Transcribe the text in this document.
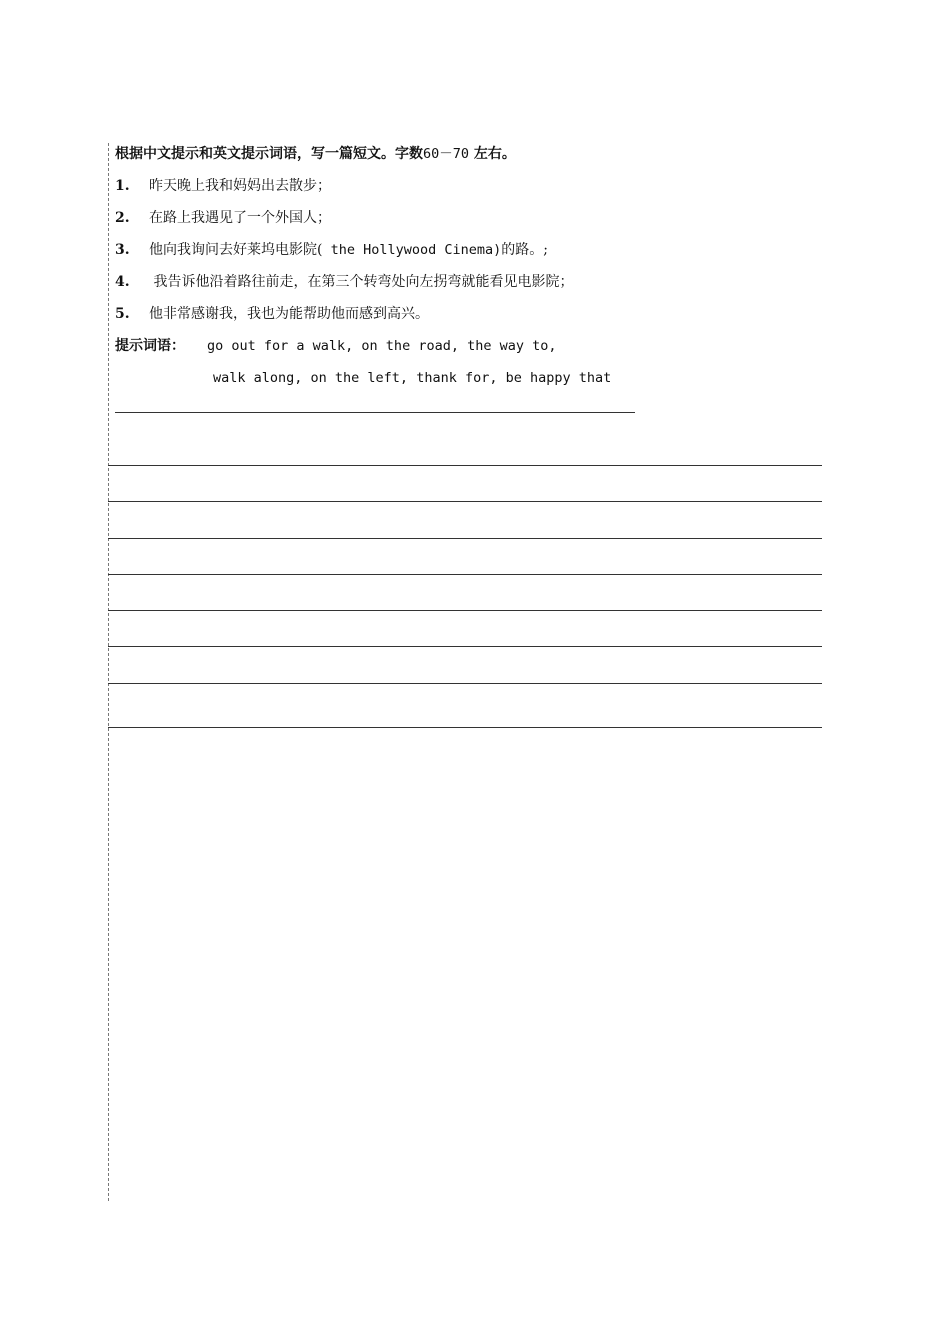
根据中文提示和英文提示词语，写一篇短文。字数60－70 左右。
1. 昨天晚上我和妈妈出去散步；
2. 在路上我遇见了一个外国人；
3. 他向我询问去好莱坞电影院( the Hollywood Cinema)的路。;
4. 我告诉他沿着路往前走，在第三个转弯处向左拐弯就能看见电影院；
5. 他非常感谢我，我也为能帮助他而感到高兴。
提示词语： go out for a walk, on the road, the way to,
walk along, on the left, thank for, be happy that
